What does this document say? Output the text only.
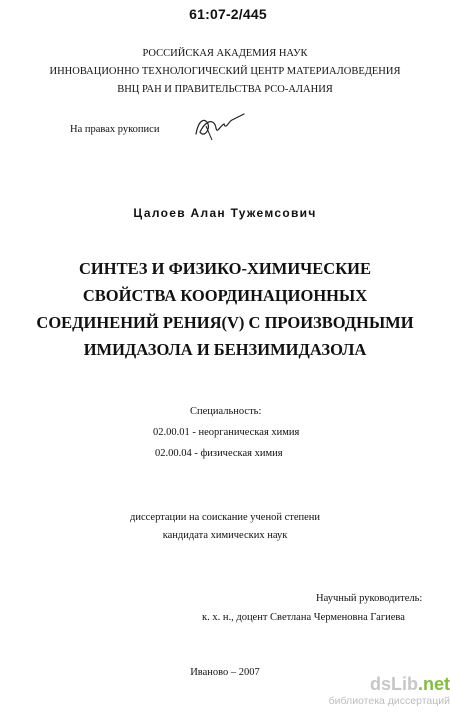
61:07-2/445
РОССИЙСКАЯ АКАДЕМИЯ НАУК
ИННОВАЦИОННО ТЕХНОЛОГИЧЕСКИЙ ЦЕНТР МАТЕРИАЛОВЕДЕНИЯ
ВНЦ РАН И ПРАВИТЕЛЬСТВА РСО-АЛАНИЯ
На правах рукописи
Цалоев Алан Тужемсович
СИНТЕЗ И ФИЗИКО-ХИМИЧЕСКИЕ
СВОЙСТВА КООРДИНАЦИОННЫХ
СОЕДИНЕНИЙ РЕНИЯ(V) С ПРОИЗВОДНЫМИ
ИМИДАЗОЛА И БЕНЗИМИДАЗОЛА
Специальность:
02.00.01 - неорганическая химия
02.00.04 - физическая химия
диссертации на соискание ученой степени
кандидата химических наук
Научный руководитель:
к. х. н., доцент Светлана Черменовна Гагиева
Иваново – 2007
dsLib.net
библиотека диссертаций
